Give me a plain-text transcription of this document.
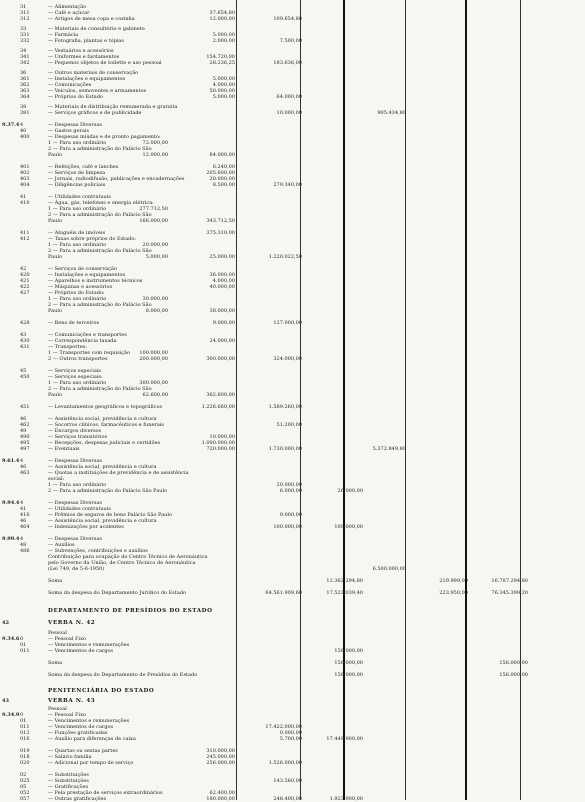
31	— Alimentação
311	— Café e açúcar	37.654,80
312	— Artigos de mesa copa e cozinha	12.000,00	109.654,80
33	— Materiais de consultório e gabinete
331	— Farmácia	5.000,00
332	— Fotografia, plantas e tópias	2.000,00	7.500,00
34	— Vestuários e acessórios
341	— Uniformes e fardamentos	154.720,00
342	— Pequenos objetos de toilette e uso pessoal	28.236,25	183.636,00
36	— Outros materiais de conservação
361	— Instalações e equipamentos	5.000,00
362	— Comunicações	4.000,00
363	— Veículos, semoventes e armamentos	50.000,00
364	— Próprios do Estado	5.000,00	64.000,00
38	— Materiais de distribuição remunerada e gratuita
381	— Serviços gráficos e de publicidade	10.000,00	905.434,80
9.37.4 4	— Despesas Diversas
40	— Gastos gerais
400	— Despesas miúdas e de pronto pagamento:
1 — Para uso ordinário	72.000,00
2 — Para a administração do Palácio São
Paulo	12.000,00	84.000,00
401	— Refeições, café e lanches	6.240,00
402	— Serviços de limpeza	205.600,00
403	— Jornais, radiodifusão, publicações e encadernações	20.000,00
404	— Diligências policiais	8.500,00	279.340,00
41	— Utilidades contratuais
410	— Água, gás, telefones e energia elétrica:
1 — Para uso ordinário	277.712,50
2 — Para a administração do Palácio São
Paulo	166.000,00	343.712,50
411	— Aluguéis de imóveis	375.310,00
412	— Taxas sobre próprios do Estado:
1 — Para uso ordinário	20.000,00
2 — Para a administração do Palácio São
Paulo	5.000,00	25.000,00	1.220.022,50
42	— Serviços de conservação
420	— Instalações e equipamentos	36.000,00
421	— Aparelhos e instrumentos técnicos	4.000,00
422	— Máquinas e acessórios	40.000,00
427	— Próprios do Estado:
1 — Para uso ordinário	30.000,00
2 — Para a administração do Palácio São
Paulo	8.000,00	38.000,00
428	— Bens de terceiros	9.000,00	127.000,00
43	— Comunicações e transportes
430	— Correspondência taxada	24.000,00
431	— Transportes:
1 — Transportes com requisição	100.000,00
2 — Outros transportes	200.000,00	300.000,00	324.000,00
45	— Serviços especiais
450	— Serviços especiais:
1 — Para uso ordinário	300.000,00
2 — Para a administração do Palácio São
Paulo	62.600,00	362.600,00
451	— Levantamentos geográficos e topográficos	1.226.660,00	1.589.260,00
46	— Assistência social, previdência e cultura
462	— Socorros clínicos, farmacêuticos e funerais	51.200,00
49	— Encargos diversos
490	— Serviços transitórios	10.000,00
495	— Recepções, despesas judiciais e certidões	1.000.000,00
497	— Eventuais	720.000,00	1.730.000,00	5.372.849,80
9.61.4 4	— Despesas Diversas
46	— Assistência social, previdência e cultura
463	— Quotas a instituições de previdência e de assistência
social:
1 — Para uso ordinário	20.000,00
2 — Para a administração do Palácio São Paulo	6.000,00	26.000,00
9.94.4 4	— Despesas Diversas
41	— Utilidades contratuais
416	— Prêmios de seguros de bens Palácio São Paulo	9.000,00
46	— Assistência social, previdência e cultura
464	— Indenizações por acidentes	100.000,00	109.000,00
9.99.4 4	— Despesas Diversas
48	— Auxílios
486	— Subvenções, contribuições e auxílios
Contribuição para ocupação do Centro Técnico de Aeronáutica
pelo Governo da União, de Centro Técnico de Aeronáutica
(Lei 749, de 5-6-1950)	6.500.000,00
Soma	12.362.294,80	219.999,00	16.787.294,80
Soma da despesa do Departamento Jurídico do Estado	64.561.909,60	17.522.039,40	223.950,00	76.345.399,20
DEPARTAMENTO DE PRESÍDIOS DO ESTADO
42	VERBA N. 42
Pessoal
9.34.6 0	— Pessoal Fixo
01	— Vencimentos e remunerações
011	— Vencimentos de cargos	156.000,00
Soma	156.000,00	156.000,00
Soma da despesa do Departamento de Presídios do Estado	156.000,00	156.000,00
PENITENCIÁRIA DO ESTADO
43	VERBA N. 43
Pessoal
9.34.9 0	— Pessoal Fixo
01	— Vencimentos e remunerações
011	— Vencimentos de cargos	17.422.000,00
012	— Funções gratificadas	0.000,00
016	— Auxílio para diferenças de caixa	5.700,00	17.449.900,00
019	— Quartas ou sextas partes	310.000,00
018	— Salário família	245.000,00
020	— Adicional por tempo de serviço	256.000,00	1.526.000,00
02	— Substituições
025	— Substituições	143.560,00
05	— Gratificações
052	— Pela prestação de serviços extraordinários	62.400,00
057	— Outras gratificações	180.000,00	248.400,00	1.923.900,00
